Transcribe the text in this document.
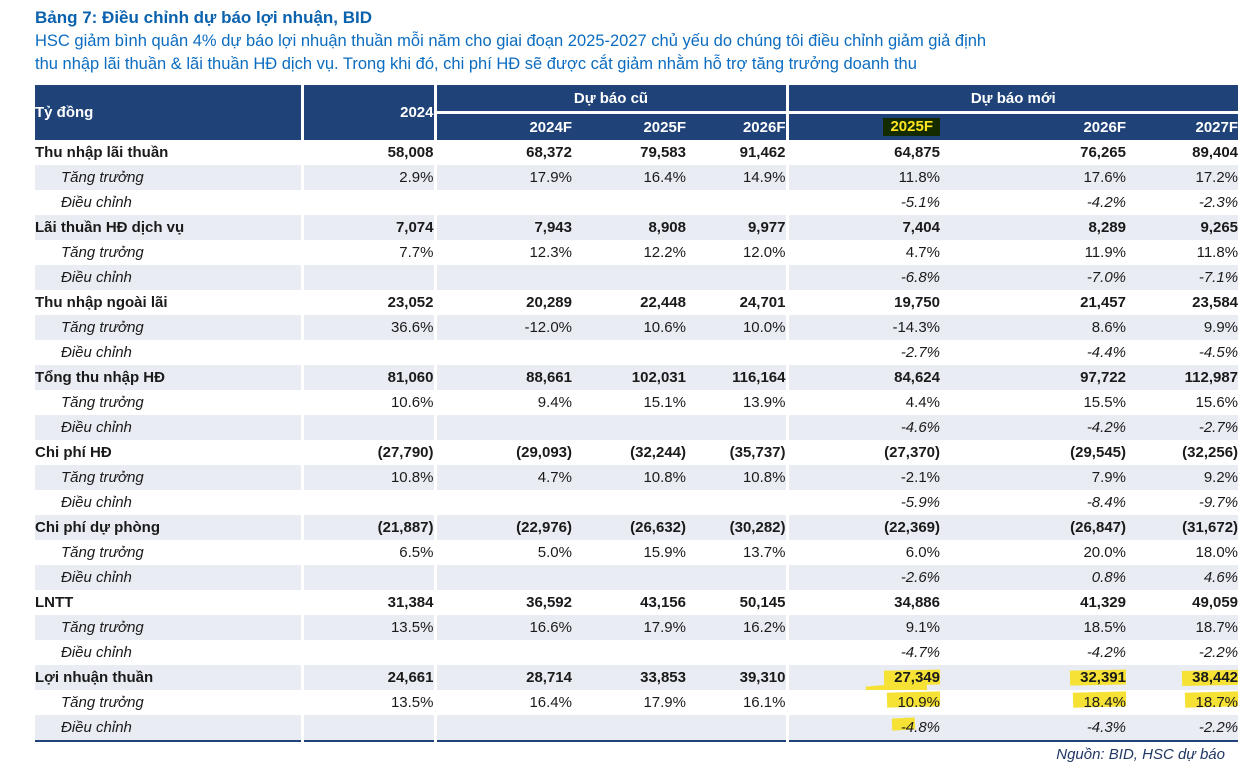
Bảng 7: Điều chỉnh dự báo lợi nhuận, BID
HSC giảm bình quân 4% dự báo lợi nhuận thuần mỗi năm cho giai đoạn 2025-2027 chủ yếu do chúng tôi điều chỉnh giảm giả định
thu nhập lãi thuần & lãi thuần HĐ dịch vụ. Trong khi đó, chi phí HĐ sẽ được cắt giảm nhằm hỗ trợ tăng trưởng doanh thu
Tỷ đồng	2024	Dự báo cũ			Dự báo mới		
		2024F	2025F	2026F	2025F	2026F	2027F
Thu nhập lãi thuần	58,008	68,372	79,583	91,462	64,875	76,265	89,404
Tăng trưởng	2.9%	17.9%	16.4%	14.9%	11.8%	17.6%	17.2%
Điều chỉnh					-5.1%	-4.2%	-2.3%
Lãi thuần HĐ dịch vụ	7,074	7,943	8,908	9,977	7,404	8,289	9,265
Tăng trưởng	7.7%	12.3%	12.2%	12.0%	4.7%	11.9%	11.8%
Điều chỉnh					-6.8%	-7.0%	-7.1%
Thu nhập ngoài lãi	23,052	20,289	22,448	24,701	19,750	21,457	23,584
Tăng trưởng	36.6%	-12.0%	10.6%	10.0%	-14.3%	8.6%	9.9%
Điều chỉnh					-2.7%	-4.4%	-4.5%
Tổng thu nhập HĐ	81,060	88,661	102,031	116,164	84,624	97,722	112,987
Tăng trưởng	10.6%	9.4%	15.1%	13.9%	4.4%	15.5%	15.6%
Điều chỉnh					-4.6%	-4.2%	-2.7%
Chi phí HĐ	(27,790)	(29,093)	(32,244)	(35,737)	(27,370)	(29,545)	(32,256)
Tăng trưởng	10.8%	4.7%	10.8%	10.8%	-2.1%	7.9%	9.2%
Điều chỉnh					-5.9%	-8.4%	-9.7%
Chi phí dự phòng	(21,887)	(22,976)	(26,632)	(30,282)	(22,369)	(26,847)	(31,672)
Tăng trưởng	6.5%	5.0%	15.9%	13.7%	6.0%	20.0%	18.0%
Điều chỉnh					-2.6%	0.8%	4.6%
LNTT	31,384	36,592	43,156	50,145	34,886	41,329	49,059
Tăng trưởng	13.5%	16.6%	17.9%	16.2%	9.1%	18.5%	18.7%
Điều chỉnh					-4.7%	-4.2%	-2.2%
Lợi nhuận thuần	24,661	28,714	33,853	39,310	27,349	32,391	38,442
Tăng trưởng	13.5%	16.4%	17.9%	16.1%	10.9%	18.4%	18.7%
Điều chỉnh					-4.8%	-4.3%	-2.2%
Nguồn: BID, HSC dự báo
